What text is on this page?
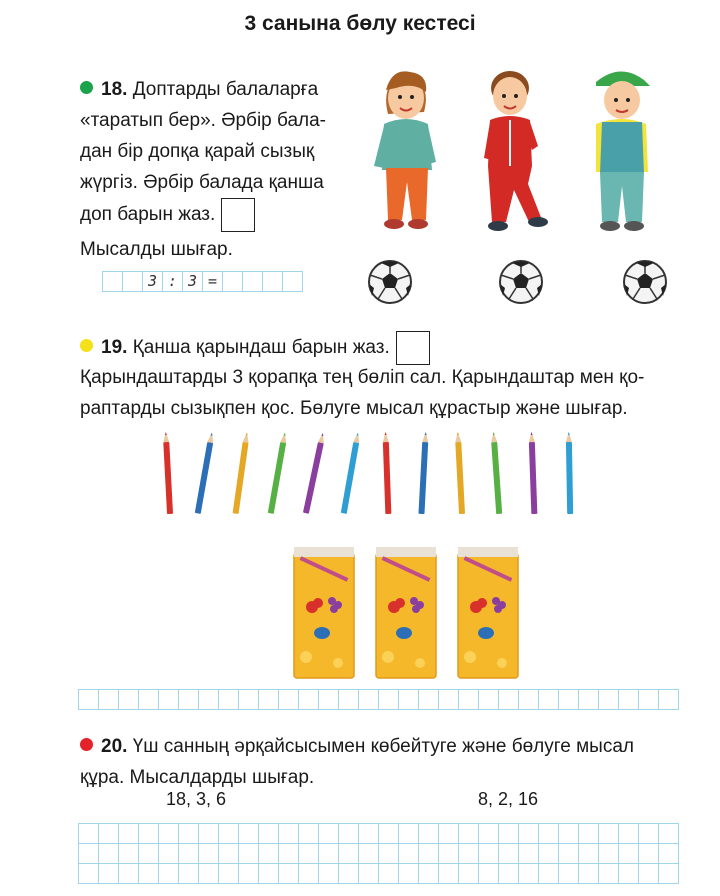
3 санына бөлу кестесі
18. Доптарды балаларға
«таратып бер». Әрбір бала-
дан бір допқа қарай сызық
жүргіз. Әрбір балада қанша
доп барын жаз.
Мысалды шығар.
3 : 3 =
19. Қанша қарындаш барын жаз.
Қарындаштарды 3 қорапқа тең бөліп сал. Қарындаштар мен қо-
раптарды сызықпен қос. Бөлуге мысал құрастыр және шығар.
20. Үш санның әрқайсысымен көбейтуге және бөлуге мысал
құра. Мысалдарды шығар.
18, 3, 6	8, 2, 16
